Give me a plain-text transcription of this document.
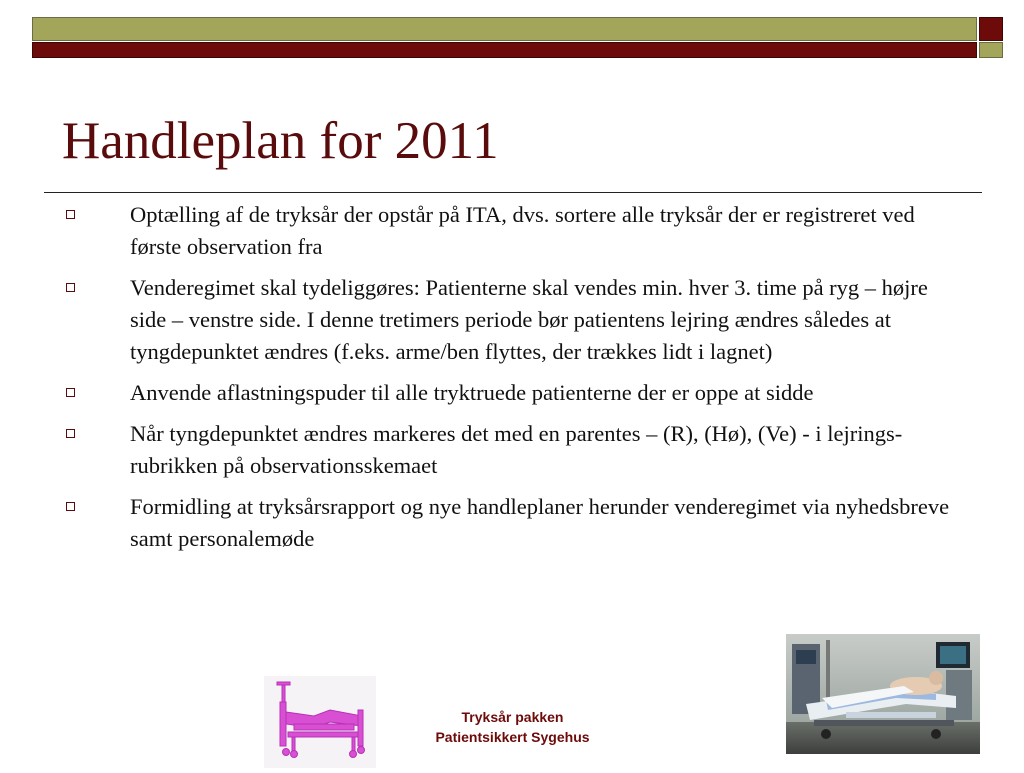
Handleplan for 2011
Optælling af de tryksår der opstår på ITA, dvs. sortere alle tryksår der er registreret ved første observation fra
Venderegimet skal tydeliggøres: Patienterne skal vendes min. hver 3. time på ryg – højre side – venstre side. I denne tretimers periode bør patientens lejring ændres således at tyngdepunktet ændres (f.eks. arme/ben flyttes, der trækkes lidt i lagnet)
Anvende aflastningspuder til alle tryktruede patienterne der er oppe at sidde
Når tyngdepunktet ændres markeres det med en parentes – (R), (Hø), (Ve) - i lejrings-rubrikken på observationsskemaet
Formidling at tryksårsrapport og nye handleplaner herunder venderegimet via nyhedsbreve samt personalemøde
Tryksår pakken
Patientsikkert Sygehus
